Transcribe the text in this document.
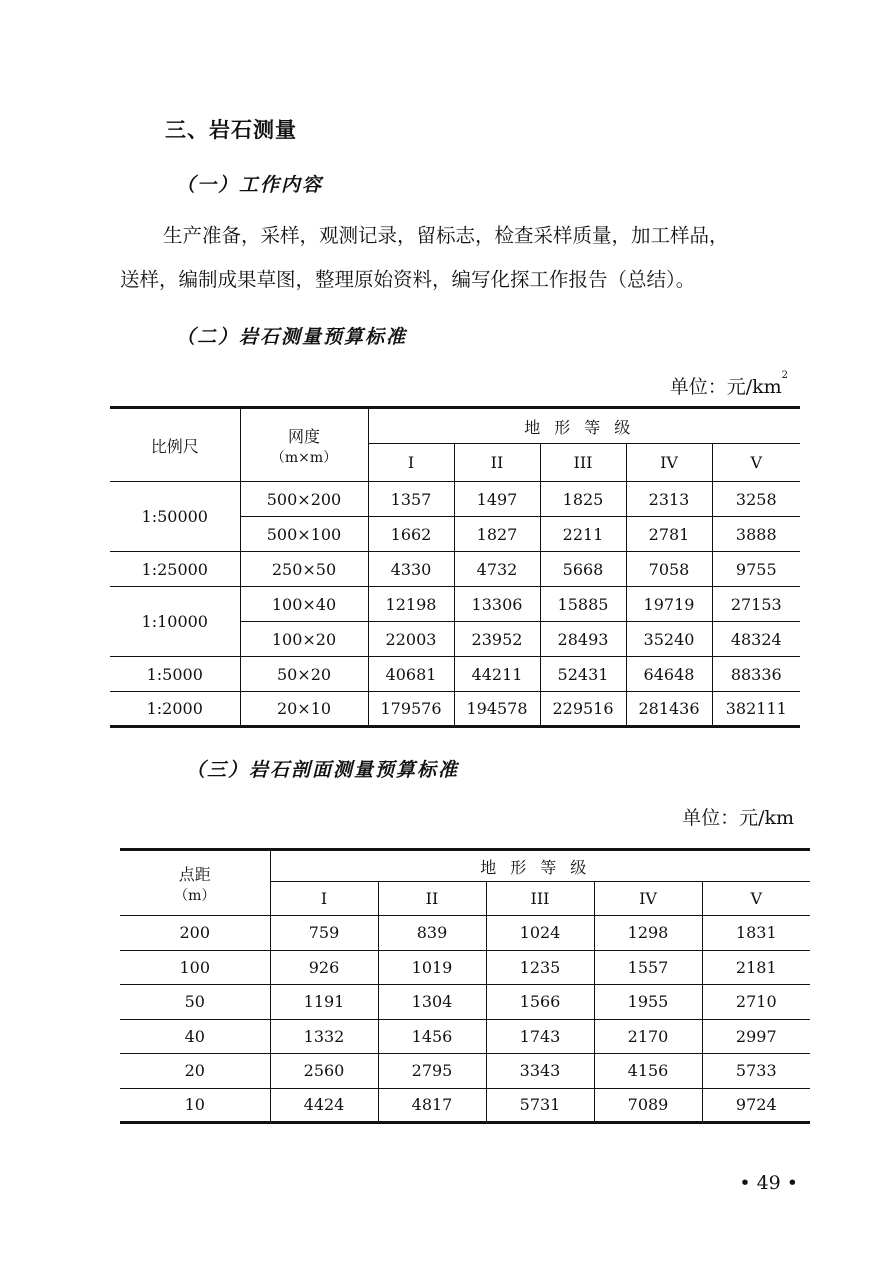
三、岩石测量
（一）工作内容
生产准备，采样，观测记录，留标志，检查采样质量，加工样品，
送样，编制成果草图，整理原始资料，编写化探工作报告（总结）。
（二）岩石测量预算标准
单位：元$/km^2$
比例尺	网度
（m×m）	地形等级				
		I	II	III	IV	V
1:50000	500×200	1357	1497	1825	2313	3258
	500×100	1662	1827	2211	2781	3888
1:25000	250×50	4330	4732	5668	7058	9755
1:10000	100×40	12198	13306	15885	19719	27153
	100×20	22003	23952	28493	35240	48324
1:5000	50×20	40681	44211	52431	64648	88336
1:2000	20×10	179576	194578	229516	281436	382111
（三）岩石剖面测量预算标准
单位：元/km
点距
（m）	地形等级				
	I	II	III	IV	V
200	759	839	1024	1298	1831
100	926	1019	1235	1557	2181
50	1191	1304	1566	1955	2710
40	1332	1456	1743	2170	2997
20	2560	2795	3343	4156	5733
10	4424	4817	5731	7089	9724
• 49 •
